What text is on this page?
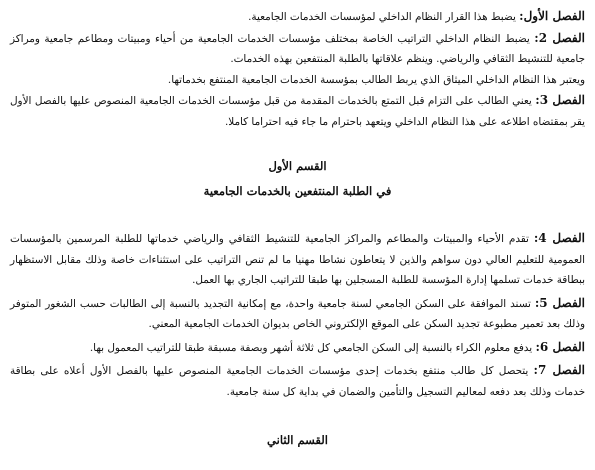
الفصل الأول: يضبط هذا القرار النظام الداخلي لمؤسسات الخدمات الجامعية.

الفصل 2: يضبط النظام الداخلي التراتيب الخاصة بمختلف مؤسسات الخدمات الجامعية من أحياء ومبيتات ومطاعم جامعية ومراكز جامعية للتنشيط الثقافي والرياضي. وينظم علاقاتها بالطلبة المنتفعين بهذه الخدمات.

ويعتبر هذا النظام الداخلي الميثاق الذي يربط الطالب بمؤسسة الخدمات الجامعية المنتفع بخدماتها.

الفصل 3: يعني الطالب على التزام قبل التمتع بالخدمات المقدمة من قبل مؤسسات الخدمات الجامعية المنصوص عليها بالفصل الأول يقر بمقتضاه اطلاعه على هذا النظام الداخلي ويتعهد باحترام ما جاء فيه احتراما كاملا.

القسم الأول
في الطلبة المنتفعين بالخدمات الجامعية

الفصل 4: تقدم الأحياء والمبيتات والمطاعم والمراكز الجامعية للتنشيط الثقافي والرياضي خدماتها للطلبة المرسمين بالمؤسسات العمومية للتعليم العالي دون سواهم والذين لا يتعاطون نشاطا مهنيا ما لم تنص التراتيب على استثناءات خاصة وذلك مقابل الاستظهار ببطاقة خدمات تسلمها إدارة المؤسسة للطلبة المسجلين بها طبقا للتراتيب الجاري بها العمل.

الفصل 5: تسند الموافقة على السكن الجامعي لسنة جامعية واحدة، مع إمكانية التجديد بالنسبة إلى الطالبات حسب الشغور المتوفر وذلك بعد تعمير مطبوعة تجديد السكن على الموقع الإلكتروني الخاص بديوان الخدمات الجامعية المعني.

الفصل 6: يدفع معلوم الكراء بالنسبة إلى السكن الجامعي كل ثلاثة أشهر وبصفة مسبقة طبقا للتراتيب المعمول بها.

الفصل 7: يتحصل كل طالب منتفع بخدمات إحدى مؤسسات الخدمات الجامعية المنصوص عليها بالفصل الأول أعلاه على بطاقة خدمات وذلك بعد دفعه لمعاليم التسجيل والتأمين والضمان في بداية كل سنة جامعية.

القسم الثاني
